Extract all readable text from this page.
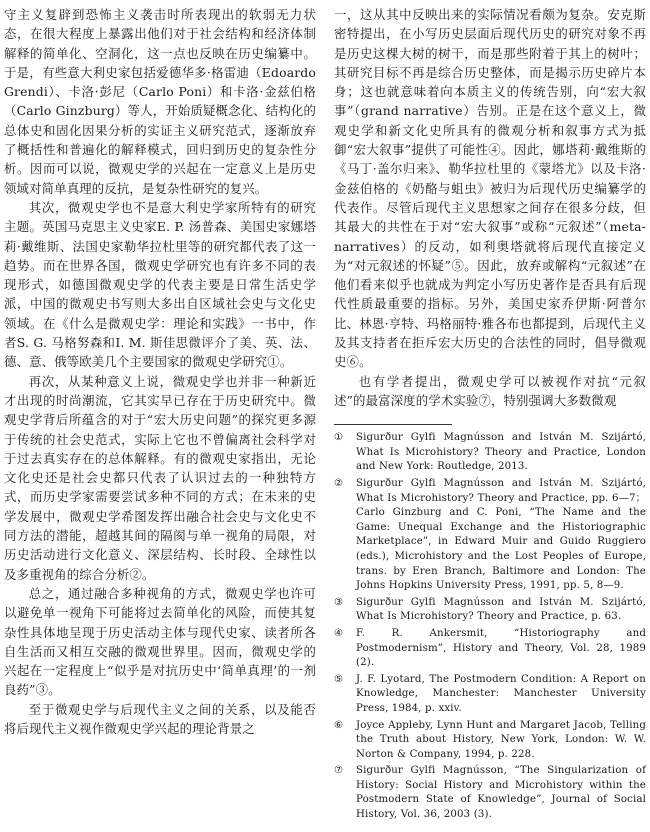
守主义复辟到恐怖主义袭击时所表现出的软弱无力状态，在很大程度上暴露出他们对于社会结构和经济体制解释的简单化、空洞化，这一点也反映在历史编纂中。于是，有些意大利史家包括爱德华多·格雷迪（Edoardo Grendi）、卡洛·彭尼（Carlo Poni）和卡洛·金兹伯格（Carlo Ginzburg）等人，开始质疑概念化、结构化的总体史和固化因果分析的实证主义研究范式，逐渐放弃了概括性和普遍化的解释模式，回归到历史的复杂性分析。因而可以说，微观史学的兴起在一定意义上是历史领域对简单真理的反抗，是复杂性研究的复兴。

其次，微观史学也不是意大利史学家所特有的研究主题。英国马克思主义史家E. P. 汤普森、美国史家娜塔莉·戴维斯、法国史家勒华拉杜里等的研究都代表了这一趋势。而在世界各国，微观史学研究也有许多不同的表现形式，如德国微观史学的代表主要是日常生活史学派，中国的微观史书写则大多出自区域社会史与文化史领域。在《什么是微观史学：理论和实践》一书中，作者S. G. 马格努森和I. M. 斯佳思微评介了美、英、法、德、意、俄等欧美几个主要国家的微观史学研究①。

再次，从某种意义上说，微观史学也并非一种新近才出现的时尚潮流，它其实早已存在于历史研究中。微观史学背后所蕴含的对于“宏大历史问题”的探究更多源于传统的社会史范式，实际上它也不曾偏离社会科学对于过去真实存在的总体解释。有的微观史家指出，无论文化史还是社会史都只代表了认识过去的一种独特方式，而历史学家需要尝试多种不同的方式；在未来的史学发展中，微观史学希图发挥出融合社会史与文化史不同方法的潜能，超越其间的隔阂与单一视角的局限，对历史活动进行文化意义、深层结构、长时段、全球性以及多重视角的综合分析②。

总之，通过融合多种视角的方式，微观史学也许可以避免单一视角下可能将过去简单化的风险，而使其复杂性具体地呈现于历史活动主体与现代史家、读者所各自生活而又相互交融的微观世界里。因而，微观史学的兴起在一定程度上“似乎是对抗历史中‘简单真理’的一剂良药”③。

至于微观史学与后现代主义之间的关系，以及能否将后现代主义视作微观史学兴起的理论背景之

一，这从其中反映出来的实际情况看颇为复杂。安克斯密特提出，在小写历史层面后现代历史的研究对象不再是历史这棵大树的树干，而是那些附着于其上的树叶；其研究目标不再是综合历史整体，而是揭示历史碎片本身；这也就意味着向本质主义的传统告别，向“宏大叙事”（grand narrative）告别。正是在这个意义上，微观史学和新文化史所具有的微观分析和叙事方式为抵御“宏大叙事”提供了可能性④。因此，娜塔莉·戴维斯的《马丁·盖尔归来》、勒华拉杜里的《蒙塔尤》以及卡洛·金兹伯格的《奶酪与蛆虫》被归为后现代历史编纂学的代表作。尽管后现代主义思想家之间存在很多分歧，但其最大的共性在于对“宏大叙事”或称“元叙述”（meta-narratives）的反动，如利奥塔就将后现代直接定义为“对元叙述的怀疑”⑤。因此，放弃或解构“元叙述”在他们看来似乎也就成为判定小写历史著作是否具有后现代性质最重要的指标。另外，美国史家乔伊斯·阿普尔比、林恩·亨特、玛格丽特·雅各布也都提到，后现代主义及其支持者在拒斥宏大历史的合法性的同时，倡导微观史⑥。

也有学者提出，微观史学可以被视作对抗“元叙述”的最富深度的学术实验⑦，特别强调大多数微观

①	Sigurður Gylfi Magnússon and István M. Szijártó, What Is Microhistory? Theory and Practice, London and New York: Routledge, 2013.
②	Sigurður Gylfi Magnússon and István M. Szijártó, What Is Microhistory? Theory and Practice, pp. 6—7；Carlo Ginzburg and C. Poni, “The Name and the Game: Unequal Exchange and the Historiographic Marketplace”, in Edward Muir and Guido Ruggiero (eds.), Microhistory and the Lost Peoples of Europe, trans. by Eren Branch, Baltimore and London: The Johns Hopkins University Press, 1991, pp. 5, 8—9.
③	Sigurður Gylfi Magnússon and István M. Szijártó, What Is Microhistory? Theory and Practice, p. 63.
④	F. R. Ankersmit, “Historiography and Postmodernism”, History and Theory, Vol. 28, 1989 (2).
⑤	J. F. Lyotard, The Postmodern Condition: A Report on Knowledge, Manchester: Manchester University Press, 1984, p. xxiv.
⑥	Joyce Appleby, Lynn Hunt and Margaret Jacob, Telling the Truth about History, New York, London: W. W. Norton & Company, 1994, p. 228.
⑦	Sigurður Gylfi Magnússon, “The Singularization of History: Social History and Microhistory within the Postmodern State of Knowledge”, Journal of Social History, Vol. 36, 2003 (3).
